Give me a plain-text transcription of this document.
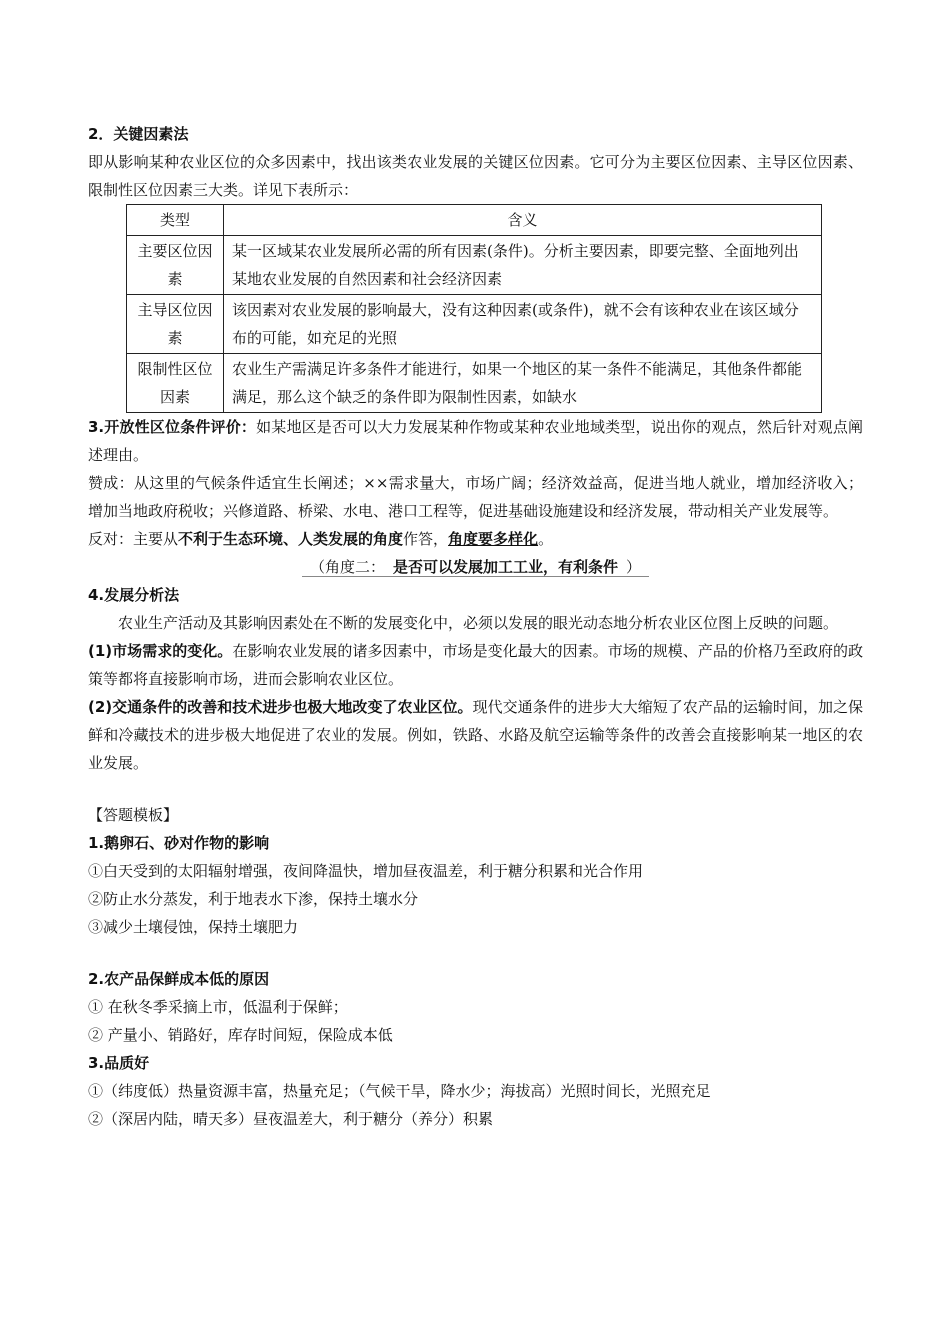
2．关键因素法

即从影响某种农业区位的众多因素中，找出该类农业发展的关键区位因素。它可分为主要区位因素、主导区位因素、限制性区位因素三大类。详见下表所示：

类型	含义
主要区位因素	某一区域某农业发展所必需的所有因素(条件)。分析主要因素，即要完整、全面地列出某地农业发展的自然因素和社会经济因素
主导区位因素	该因素对农业发展的影响最大，没有这种因素(或条件)，就不会有该种农业在该区域分布的可能，如充足的光照
限制性区位因素	农业生产需满足许多条件才能进行，如果一个地区的某一条件不能满足，其他条件都能满足，那么这个缺乏的条件即为限制性因素，如缺水

3.开放性区位条件评价：如某地区是否可以大力发展某种作物或某种农业地域类型，说出你的观点，然后针对观点阐述理由。

赞成：从这里的气候条件适宜生长阐述；××需求量大，市场广阔；经济效益高，促进当地人就业，增加经济收入；增加当地政府税收；兴修道路、桥梁、水电、港口工程等，促进基础设施建设和经济发展，带动相关产业发展等。

反对：主要从不利于生态环境、人类发展的角度作答，角度要多样化。

（角度二： 是否可以发展加工工业，有利条件 ）

4.发展分析法

农业生产活动及其影响因素处在不断的发展变化中，必须以发展的眼光动态地分析农业区位图上反映的问题。

(1)市场需求的变化。在影响农业发展的诸多因素中，市场是变化最大的因素。市场的规模、产品的价格乃至政府的政策等都将直接影响市场，进而会影响农业区位。

(2)交通条件的改善和技术进步也极大地改变了农业区位。现代交通条件的进步大大缩短了农产品的运输时间，加之保鲜和冷藏技术的进步极大地促进了农业的发展。例如，铁路、水路及航空运输等条件的改善会直接影响某一地区的农业发展。

【答题模板】

1.鹅卵石、砂对作物的影响

①白天受到的太阳辐射增强，夜间降温快，增加昼夜温差，利于糖分积累和光合作用

②防止水分蒸发，利于地表水下渗，保持土壤水分

③减少土壤侵蚀，保持土壤肥力

2.农产品保鲜成本低的原因

① 在秋冬季采摘上市，低温利于保鲜；

② 产量小、销路好，库存时间短，保险成本低

3.品质好

①（纬度低）热量资源丰富，热量充足；（气候干旱，降水少；海拔高）光照时间长，光照充足

②（深居内陆，晴天多）昼夜温差大，利于糖分（养分）积累
